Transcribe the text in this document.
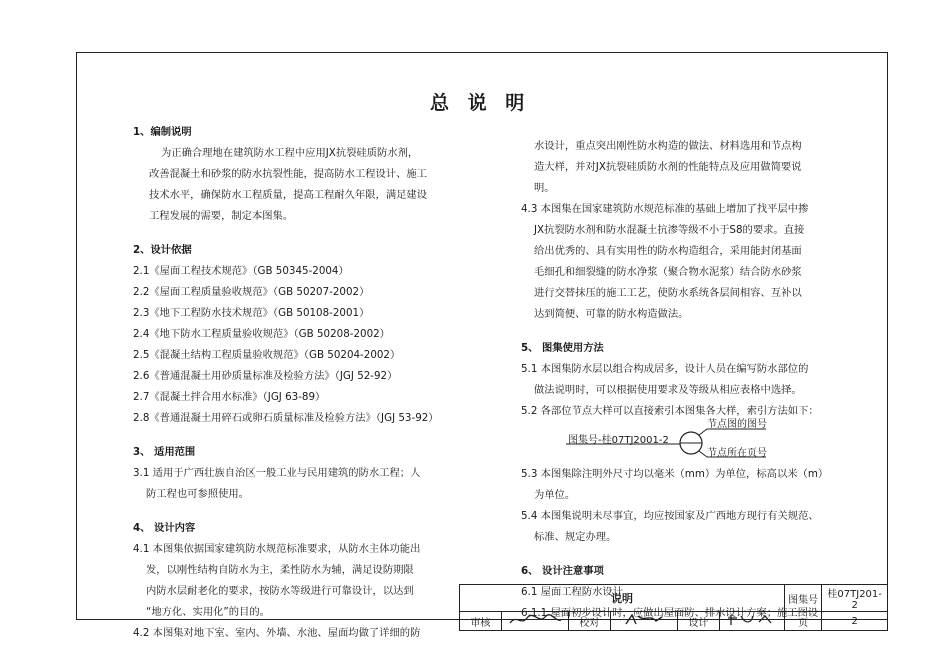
总 说 明

1、编制说明

为正确合理地在建筑防水工程中应用JX抗裂硅质防水剂，

改善混凝土和砂浆的防水抗裂性能，提高防水工程设计、施工

技术水平，确保防水工程质量，提高工程耐久年限，满足建设

工程发展的需要，制定本图集。

2、设计依据

2.1《屋面工程技术规范》（GB 50345-2004）

2.2《屋面工程质量验收规范》（GB 50207-2002）

2.3《地下工程防水技术规范》（GB 50108-2001）

2.4《地下防水工程质量验收规范》（GB 50208-2002）

2.5《混凝土结构工程质量验收规范》（GB 50204-2002）

2.6《普通混凝土用砂质量标准及检验方法》（JGJ 52-92）

2.7《混凝土拌合用水标准》（JGJ 63-89）

2.8《普通混凝土用碎石或卵石质量标准及检验方法》（JGJ 53-92）

3、 适用范围

3.1 适用于广西壮族自治区一般工业与民用建筑的防水工程；人

防工程也可参照使用。

4、 设计内容

4.1 本图集依据国家建筑防水规范标准要求，从防水主体功能出

发，以刚性结构自防水为主，柔性防水为辅，满足设防期限

内防水层耐老化的要求，按防水等级进行可靠设计，以达到

“地方化、实用化”的目的。

4.2 本图集对地下室、室内、外墙、水池、屋面均做了详细的防

水设计，重点突出刚性防水构造的做法、材料选用和节点构

造大样，并对JX抗裂硅质防水剂的性能特点及应用做简要说

明。

4.3 本图集在国家建筑防水规范标准的基础上增加了找平层中掺

JX抗裂防水剂和防水混凝土抗渗等级不小于S8的要求。直接

给出优秀的、具有实用性的防水构造组合，采用能封闭基面

毛细孔和细裂缝的防水净浆（聚合物水泥浆）结合防水砂浆

进行交替抹压的施工工艺，使防水系统各层间相容、互补以

达到简便、可靠的防水构造做法。

5、 图集使用方法

5.1 本图集防水层以组合构成居多，设计人员在编写防水部位的

做法说明时，可以根据使用要求及等级从相应表格中选择。

5.2 各部位节点大样可以直接索引本图集各大样，索引方法如下：

节点图的图号
图集号-桂07TJ2001-2
节点所在页号

5.3 本图集除注明外尺寸均以毫米（mm）为单位，标高以米（m）

为单位。

5.4 本图集说明未尽事宜，均应按国家及广西地方现行有关规范、

标准、规定办理。

6、 设计注意事项

6.1 屋面工程防水设计

6.1.1 屋面初步设计时，应做出屋面防、排水设计方案；施工图设

说明						图集号	桂07TJ201-2
审核		校对		设计		页	2
